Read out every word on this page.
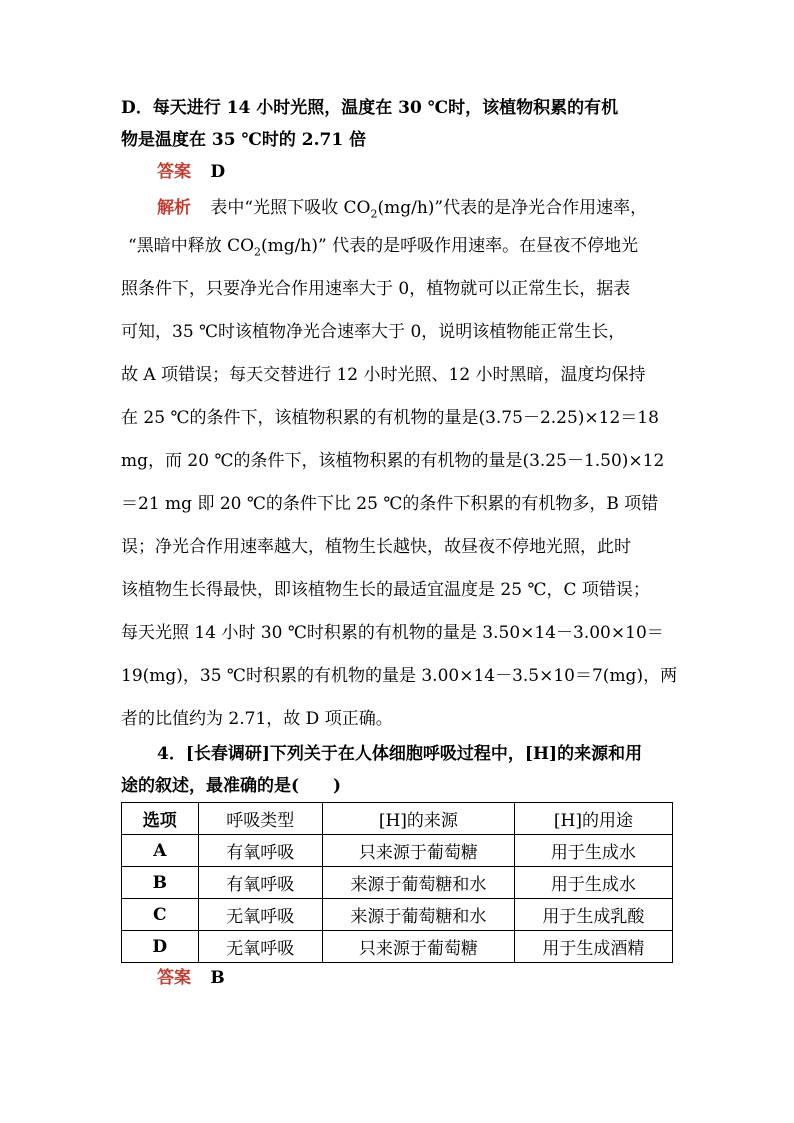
D．每天进行 14 小时光照，温度在 30 ℃时，该植物积累的有机
物是温度在 35 ℃时的 2.71 倍
答案 D
解析 表中“光照下吸收 $CO_2(mg/h)$”代表的是净光合作用速率，
“黑暗中释放 $CO_2(mg/h)$” 代表的是呼吸作用速率。在昼夜不停地光
照条件下，只要净光合作用速率大于 0，植物就可以正常生长，据表
可知，35 ℃时该植物净光合速率大于 0，说明该植物能正常生长，
故 A 项错误；每天交替进行 12 小时光照、12 小时黑暗，温度均保持
在 25 ℃的条件下，该植物积累的有机物的量是(3.75－2.25)×12＝18
mg，而 20 ℃的条件下，该植物积累的有机物的量是(3.25－1.50)×12
＝21 mg 即 20 ℃的条件下比 25 ℃的条件下积累的有机物多，B 项错
误；净光合作用速率越大，植物生长越快，故昼夜不停地光照，此时
该植物生长得最快，即该植物生长的最适宜温度是 25 ℃，C 项错误；
每天光照 14 小时 30 ℃时积累的有机物的量是 3.50×14－3.00×10＝
19(mg)，35 ℃时积累的有机物的量是 3.00×14－3.5×10＝7(mg)，两
者的比值约为 2.71，故 D 项正确。
4．[长春调研]下列关于在人体细胞呼吸过程中，[H]的来源和用
途的叙述，最准确的是(　　)
选项	呼吸类型	[H]的来源	[H]的用途
A	有氧呼吸	只来源于葡萄糖	用于生成水
B	有氧呼吸	来源于葡萄糖和水	用于生成水
C	无氧呼吸	来源于葡萄糖和水	用于生成乳酸
D	无氧呼吸	只来源于葡萄糖	用于生成酒精
答案 B
